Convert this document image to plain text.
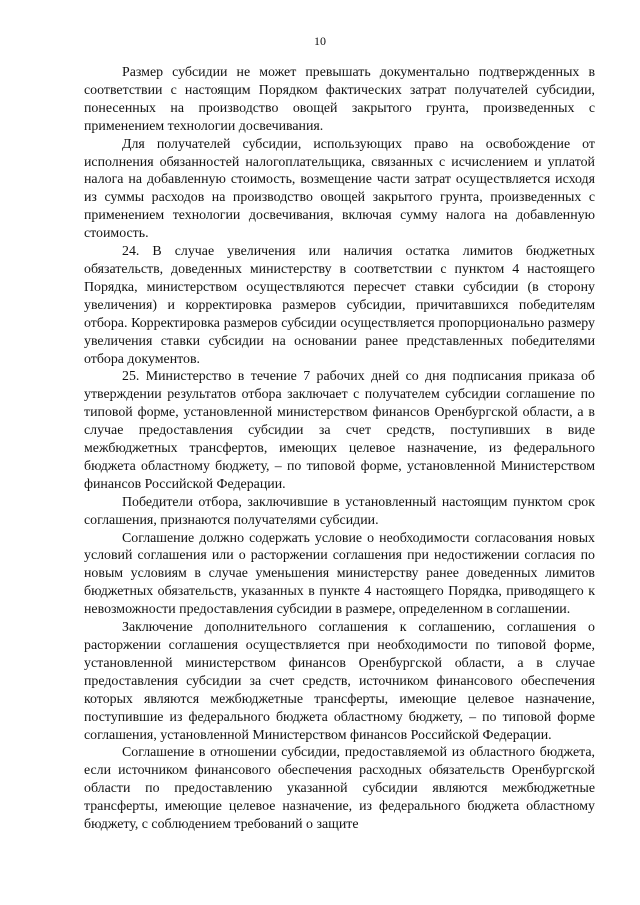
10

Размер субсидии не может превышать документально подтвержденных в соответствии с настоящим Порядком фактических затрат получателей субсидии, понесенных на производство овощей закрытого грунта, произведенных с применением технологии досвечивания.

Для получателей субсидии, использующих право на освобождение от исполнения обязанностей налогоплательщика, связанных с исчислением и уплатой налога на добавленную стоимость, возмещение части затрат осуществляется исходя из суммы расходов на производство овощей закрытого грунта, произведенных с применением технологии досвечивания, включая сумму налога на добавленную стоимость.

24. В случае увеличения или наличия остатка лимитов бюджетных обязательств, доведенных министерству в соответствии с пунктом 4 настоящего Порядка, министерством осуществляются пересчет ставки субсидии (в сторону увеличения) и корректировка размеров субсидии, причитавшихся победителям отбора. Корректировка размеров субсидии осуществляется пропорционально размеру увеличения ставки субсидии на основании ранее представленных победителями отбора документов.

25. Министерство в течение 7 рабочих дней со дня подписания приказа об утверждении результатов отбора заключает с получателем субсидии соглашение по типовой форме, установленной министерством финансов Оренбургской области, а в случае предоставления субсидии за счет средств, поступивших в виде межбюджетных трансфертов, имеющих целевое назначение, из федерального бюджета областному бюджету, – по типовой форме, установленной Министерством финансов Российской Федерации.

Победители отбора, заключившие в установленный настоящим пунктом срок соглашения, признаются получателями субсидии.

Соглашение должно содержать условие о необходимости согласования новых условий соглашения или о расторжении соглашения при недостижении согласия по новым условиям в случае уменьшения министерству ранее доведенных лимитов бюджетных обязательств, указанных в пункте 4 настоящего Порядка, приводящего к невозможности предоставления субсидии в размере, определенном в соглашении.

Заключение дополнительного соглашения к соглашению, соглашения о расторжении соглашения осуществляется при необходимости по типовой форме, установленной министерством финансов Оренбургской области, а в случае предоставления субсидии за счет средств, источником финансового обеспечения которых являются межбюджетные трансферты, имеющие целевое назначение, поступившие из федерального бюджета областному бюджету, – по типовой форме соглашения, установленной Министерством финансов Российской Федерации.

Соглашение в отношении субсидии, предоставляемой из областного бюджета, если источником финансового обеспечения расходных обязательств Оренбургской области по предоставлению указанной субсидии являются межбюджетные трансферты, имеющие целевое назначение, из федерального бюджета областному бюджету, с соблюдением требований о защите
